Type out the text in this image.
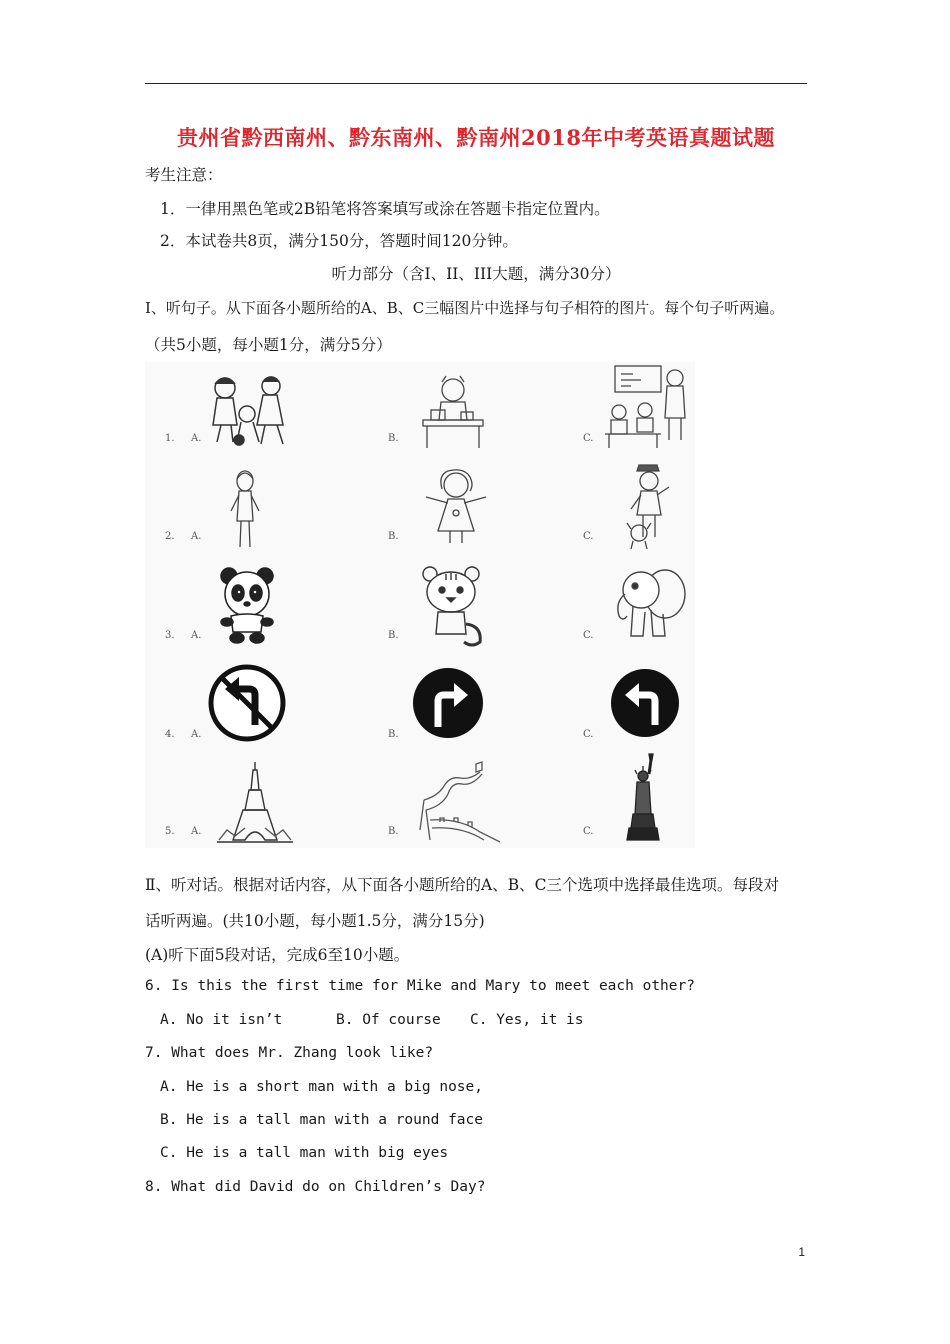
贵州省黔西南州、黔东南州、黔南州2018年中考英语真题试题
考生注意：
1．一律用黑色笔或2B铅笔将答案填写或涂在答题卡指定位置内。
2．本试卷共8页，满分150分，答题时间120分钟。
听力部分（含I、II、III大题，满分30分）
I、听句子。从下面各小题所给的A、B、C三幅图片中选择与句子相符的图片。每个句子听两遍。
（共5小题，每小题1分，满分5分）
1. A.	B.	C.
2. A.	B.	C.
3. A.	B.	C.
4. A.	B.	C.
5. A.	B.	C.
Ⅱ、听对话。根据对话内容，从下面各小题所给的A、B、C三个选项中选择最佳选项。每段对
话听两遍。(共10小题，每小题1.5分，满分15分)
(A)听下面5段对话，完成6至10小题。
6. Is this the first time for Mike and Mary to meet each other?
A. No it isn’t	B. Of course C. Yes, it is
7. What does Mr. Zhang look like?
A. He is a short man with a big nose,
B. He is a tall man with a round face
C. He is a tall man with big eyes
8. What did David do on Children’s Day?
1
